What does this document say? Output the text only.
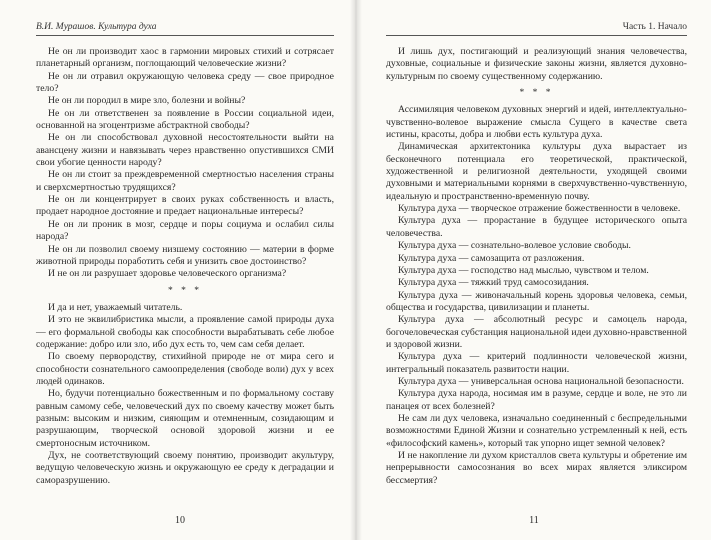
В.И. Мурашов. Культура духа

Не он ли производит хаос в гармонии мировых стихий и сотрясает планетарный организм, поглощающий человеческие жизни?

Не он ли отравил окружающую человека среду — свое природное тело?

Не он ли породил в мире зло, болезни и войны?

Не он ли ответственен за появление в России социальной идеи, основанной на эгоцентризме абстрактной свободы?

Не он ли способствовал духовной несостоятельности выйти на авансцену жизни и навязывать через нравственно опустившихся СМИ свои убогие ценности народу?

Не он ли стоит за преждевременной смертностью населения страны и сверхсмертностью трудящихся?

Не он ли концентрирует в своих руках собственность и власть, продает народное достояние и предает национальные интересы?

Не он ли проник в мозг, сердце и поры социума и ослабил силы народа?

Не он ли позволил своему низшему состоянию — материи в форме животной природы поработить себя и унизить свое достоинство?

И не он ли разрушает здоровье человеческого организма?

* * *

И да и нет, уважаемый читатель.

И это не эквилибристика мысли, а проявление самой природы духа — его формальной свободы как способности вырабатывать себе любое содержание: добро или зло, ибо дух есть то, чем сам себя делает.

По своему первородству, стихийной природе не от мира сего и способности сознательного самоопределения (свободе воли) дух у всех людей одинаков.

Но, будучи потенциально божественным и по формальному составу равным самому себе, человеческий дух по своему качеству может быть разным: высоким и низким, сияющим и отемненным, созидающим и разрушающим, творческой основой здоровой жизни и ее смертоносным источником.

Дух, не соответствующий своему понятию, производит акультуру, ведущую человеческую жизнь и окружающую ее среду к деградации и саморазрушению.

10
Часть 1. Начало

И лишь дух, постигающий и реализующий знания человечества, духовные, социальные и физические законы жизни, является духовно-культурным по своему существенному содержанию.

* * *

Ассимиляция человеком духовных энергий и идей, интеллектуально-чувственно-волевое выражение смысла Сущего в качестве света истины, красоты, добра и любви есть культура духа.

Динамическая архитектоника культуры духа вырастает из бесконечного потенциала его теоретической, практической, художественной и религиозной деятельности, уходящей своими духовными и материальными корнями в сверхчувственно-чувственную, идеальную и пространственно-временную почву.

Культура духа — творческое отражение божественности в человеке.

Культура духа — прорастание в будущее исторического опыта человечества.

Культура духа — сознательно-волевое условие свободы.

Культура духа — самозащита от разложения.

Культура духа — господство над мыслью, чувством и телом.

Культура духа — тяжкий труд самосозидания.

Культура духа — живоначальный корень здоровья человека, семьи, общества и государства, цивилизации и планеты.

Культура духа — абсолютный ресурс и самоцель народа, богочеловеческая субстанция национальной идеи духовно-нравственной и здоровой жизни.

Культура духа — критерий подлинности человеческой жизни, интегральный показатель развитости нации.

Культура духа — универсальная основа национальной безопасности.

Культура духа народа, носимая им в разуме, сердце и воле, не это ли панацея от всех болезней?

Не сам ли дух человека, изначально соединенный с беспредельными возможностями Единой Жизни и сознательно устремленный к ней, есть «философский камень», который так упорно ищет земной человек?

И не накопление ли духом кристаллов света культуры и обретение им непрерывности самосознания во всех мирах является эликсиром бессмертия?

11
